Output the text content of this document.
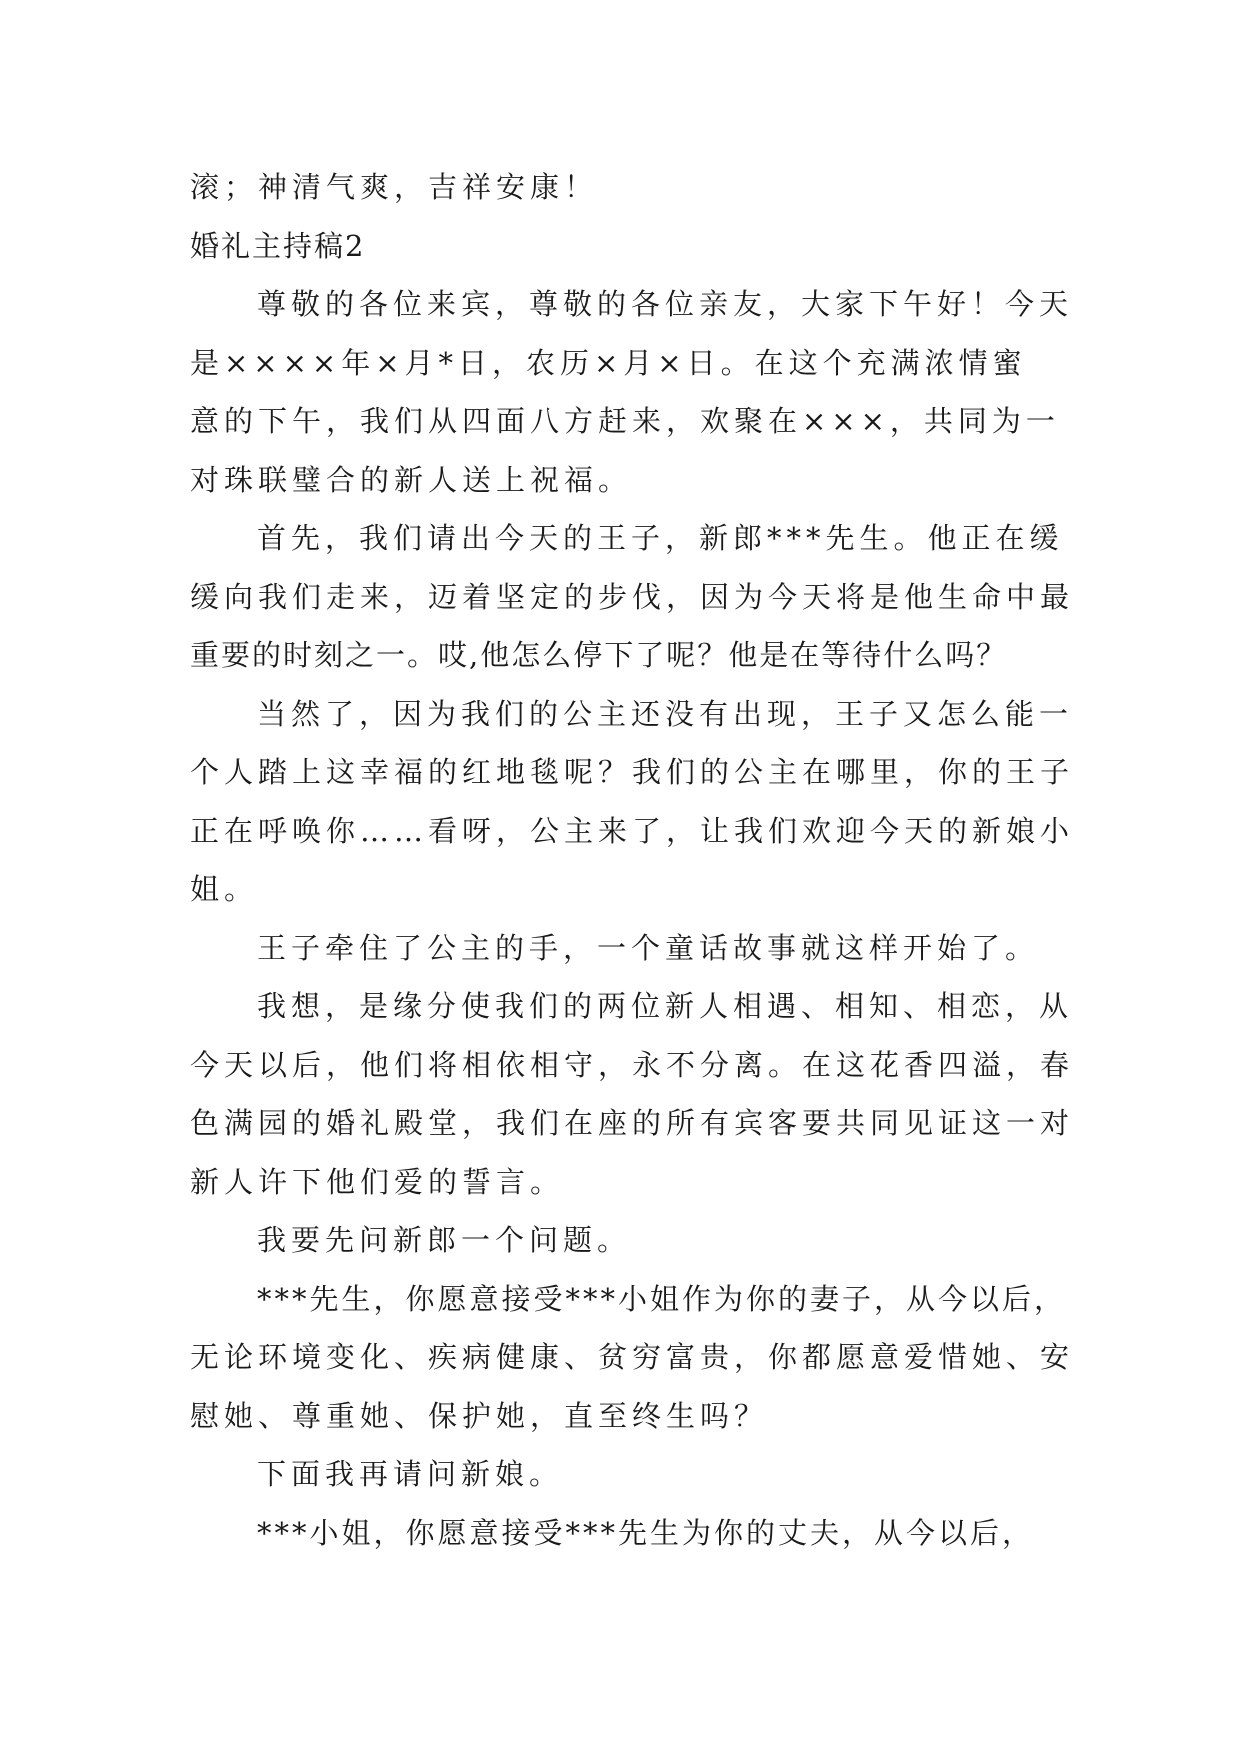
滚；神清气爽，吉祥安康！
婚礼主持稿2
尊敬的各位来宾，尊敬的各位亲友，大家下午好！今天
是××××年×月*日，农历×月×日。在这个充满浓情蜜
意的下午，我们从四面八方赶来，欢聚在×××，共同为一
对珠联璧合的新人送上祝福。
首先，我们请出今天的王子，新郎***先生。他正在缓
缓向我们走来，迈着坚定的步伐，因为今天将是他生命中最
重要的时刻之一。哎,他怎么停下了呢？他是在等待什么吗？
当然了，因为我们的公主还没有出现，王子又怎么能一
个人踏上这幸福的红地毯呢？我们的公主在哪里，你的王子
正在呼唤你……看呀，公主来了，让我们欢迎今天的新娘小
姐。
王子牵住了公主的手，一个童话故事就这样开始了。
我想，是缘分使我们的两位新人相遇、相知、相恋，从
今天以后，他们将相依相守，永不分离。在这花香四溢，春
色满园的婚礼殿堂，我们在座的所有宾客要共同见证这一对
新人许下他们爱的誓言。
我要先问新郎一个问题。
***先生，你愿意接受***小姐作为你的妻子，从今以后，
无论环境变化、疾病健康、贫穷富贵，你都愿意爱惜她、安
慰她、尊重她、保护她，直至终生吗？
下面我再请问新娘。
***小姐，你愿意接受***先生为你的丈夫，从今以后，
